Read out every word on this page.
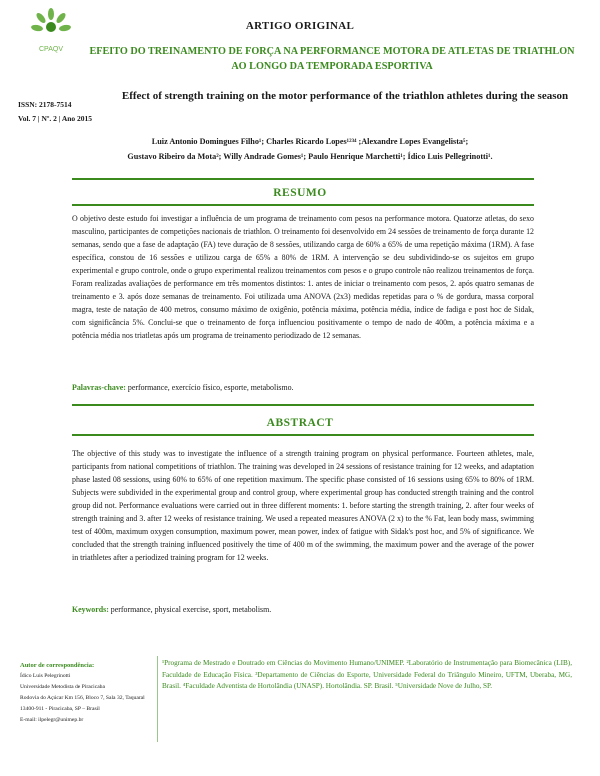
CPAQV
ARTIGO ORIGINAL
EFEITO DO TREINAMENTO DE FORÇA NA PERFORMANCE MOTORA DE ATLETAS DE TRIATHLON AO LONGO DA TEMPORADA ESPORTIVA
ISSN: 2178-7514
Vol. 7 | Nº. 2 | Ano 2015
Effect of strength training on the motor performance of the triathlon athletes during the season
Luiz Antonio Domingues Filho¹; Charles Ricardo Lopes¹²³⁴ ;Alexandre Lopes Evangelista⁵;
Gustavo Ribeiro da Mota²; Willy Andrade Gomes¹; Paulo Henrique Marchetti¹; Ídico Luis Pellegrinotti¹.
RESUMO
O objetivo deste estudo foi investigar a influência de um programa de treinamento com pesos na performance motora. Quatorze atletas, do sexo masculino, participantes de competições nacionais de triathlon. O treinamento foi desenvolvido em 24 sessões de treinamento de força durante 12 semanas, sendo que a fase de adaptação (FA) teve duração de 8 sessões, utilizando carga de 60% a 65% de uma repetição máxima (1RM). A fase específica, constou de 16 sessões e utilizou carga de 65% a 80% de 1RM. A intervenção se deu subdividindo-se os sujeitos em grupo experimental e grupo controle, onde o grupo experimental realizou treinamentos com pesos e o grupo controle não realizou treinamentos de força. Foram realizadas avaliações de performance em três momentos distintos: 1. antes de iniciar o treinamento com pesos, 2. após quatro semanas de treinamento e 3. após doze semanas de treinamento. Foi utilizada uma ANOVA (2x3) medidas repetidas para o % de gordura, massa corporal magra, teste de natação de 400 metros, consumo máximo de oxigênio, potência máxima, potência média, índice de fadiga e post hoc de Sidak, com significância 5%. Conclui-se que o treinamento de força influenciou positivamente o tempo de nado de 400m, a potência máxima e a potência média nos triatletas após um programa de treinamento periodizado de 12 semanas.
Palavras-chave: performance, exercício físico, esporte, metabolismo.
ABSTRACT
The objective of this study was to investigate the influence of a strength training program on physical performance. Fourteen athletes, male, participants from national competitions of triathlon. The training was developed in 24 sessions of resistance training for 12 weeks, and adaptation phase lasted 08 sessions, using 60% to 65% of one repetition maximum. The specific phase consisted of 16 sessions using 65% to 80% of 1RM. Subjects were subdivided in the experimental group and control group, where experimental group has conducted strength training and the control group did not. Performance evaluations were carried out in three different moments: 1. before starting the strength training, 2. after four weeks of strength training and 3. after 12 weeks of resistance training. We used a repeated measures ANOVA (2 x) to the % Fat, lean body mass, swimming test of 400m, maximum oxygen consumption, maximum power, mean power, index of fatigue with Sidak's post hoc, and 5% of significance. We concluded that the strength training influenced positively the time of 400 m of the swimming, the maximum power and the average of the power in triathletes after a periodized training program for 12 weeks.
Keywords: performance, physical exercise, sport, metabolism.
Autor de correspondência:
Ídico Luis Pelegrinotti
Universidade Metodista de Piracicaba
Rodovia do Açúcar Km 156, Bloco 7, Sala 32, Taquaral
13400-911 - Piracicaba, SP – Brasil
E-mail: ilpelegr@unimep.br
¹Programa de Mestrado e Doutrado em Ciências do Movimento Humano/UNIMEP. ²Laboratório de Instrumentação para Biomecânica (LIB), Faculdade de Educação Física. ³Departamento de Ciências do Esporte, Universidade Federal do Triângulo Mineiro, UFTM, Uberaba, MG, Brasil. ⁴Faculdade Adventista de Hortolândia (UNASP). Hortolândia. SP. Brasil. ⁵Universidade Nove de Julho, SP.
